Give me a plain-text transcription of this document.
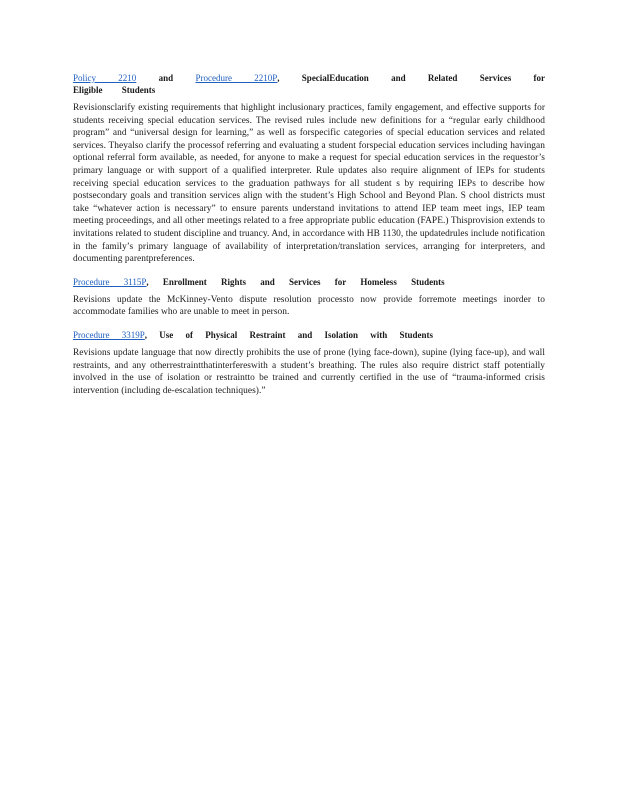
Policy 2210 and Procedure 2210P, SpecialEducation and Related Services for Eligible Students

Revisionsclarify existing requirements that highlight inclusionary practices, family engagement, and effective supports for students receiving special education services. The revised rules include new definitions for a “regular early childhood program” and “universal design for learning,” as well as forspecific categories of special education services and related services. Theyalso clarify the processof referring and evaluating a student forspecial education services including havingan optional referral form available, as needed, for anyone to make a request for special education services in the requestor’s primary language or with support of a qualified interpreter. Rule updates also require alignment of IEPs for students receiving special education services to the graduation pathways for all student s by requiring IEPs to describe how postsecondary goals and transition services align with the student’s High School and Beyond Plan. S chool districts must take “whatever action is necessary” to ensure parents understand invitations to attend IEP team meet ings, IEP team meeting proceedings, and all other meetings related to a free appropriate public education (FAPE.) Thisprovision extends to invitations related to student discipline and truancy. And, in accordance with HB 1130, the updatedrules include notification in the family’s primary language of availability of interpretation/translation services, arranging for interpreters, and documenting parentpreferences.

Procedure 3115P, Enrollment Rights and Services for Homeless Students

Revisions update the McKinney-Vento dispute resolution processto now provide forremote meetings inorder to accommodate families who are unable to meet in person.

Procedure 3319P, Use of Physical Restraint and Isolation with Students

Revisions update language that now directly prohibits the use of prone (lying face-down), supine (lying face-up), and wall restraints, and any otherrestraintthatinterfereswith a student’s breathing. The rules also require district staff potentially involved in the use of isolation or restraintto be trained and currently certified in the use of “trauma-informed crisis intervention (including de-escalation techniques).”
